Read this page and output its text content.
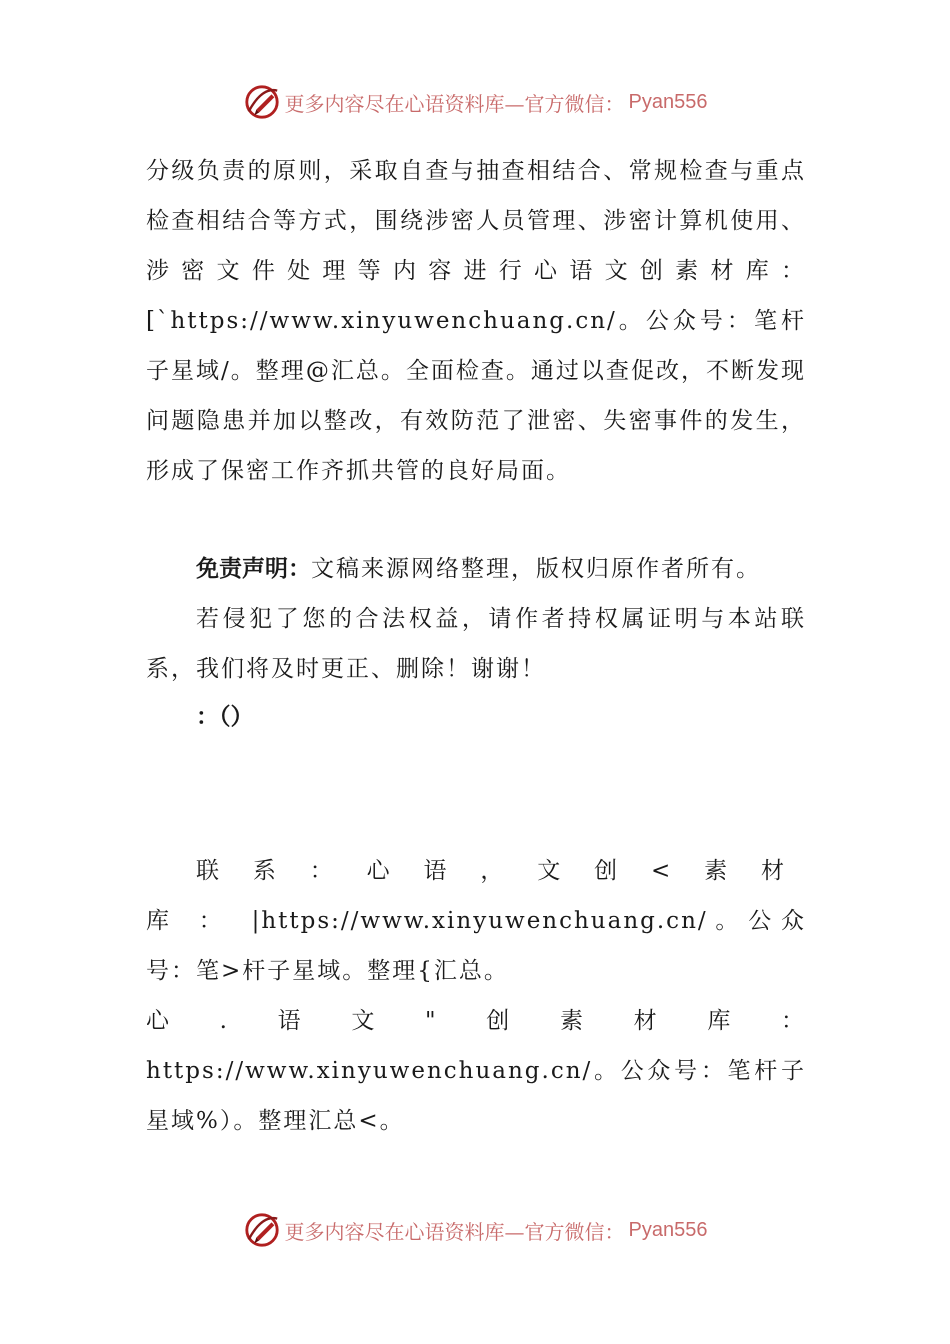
更多内容尽在心语资料库—官方微信： Pyan556

分级负责的原则，采取自查与抽查相结合、常规检查与重点检查相结合等方式，围绕涉密人员管理、涉密计算机使用、涉密文件处理等内容进行心语文创素材库：[`https://www.xinyuwenchuang.cn/。公众号：笔杆子星域/。整理@汇总。全面检查。通过以查促改，不断发现问题隐患并加以整改，有效防范了泄密、失密事件的发生，形成了保密工作齐抓共管的良好局面。

免责声明：文稿来源网络整理，版权归原作者所有。

若侵犯了您的合法权益，请作者持权属证明与本站联系，我们将及时更正、删除！谢谢！

：（）

联系：心语，文创<素材库：|https://www.xinyuwenchuang.cn/。公众号：笔>杆子星域。整理{汇总。

心.语文"创素材库：https://www.xinyuwenchuang.cn/。公众号：笔杆子星域%）。整理汇总<。

更多内容尽在心语资料库—官方微信： Pyan556
